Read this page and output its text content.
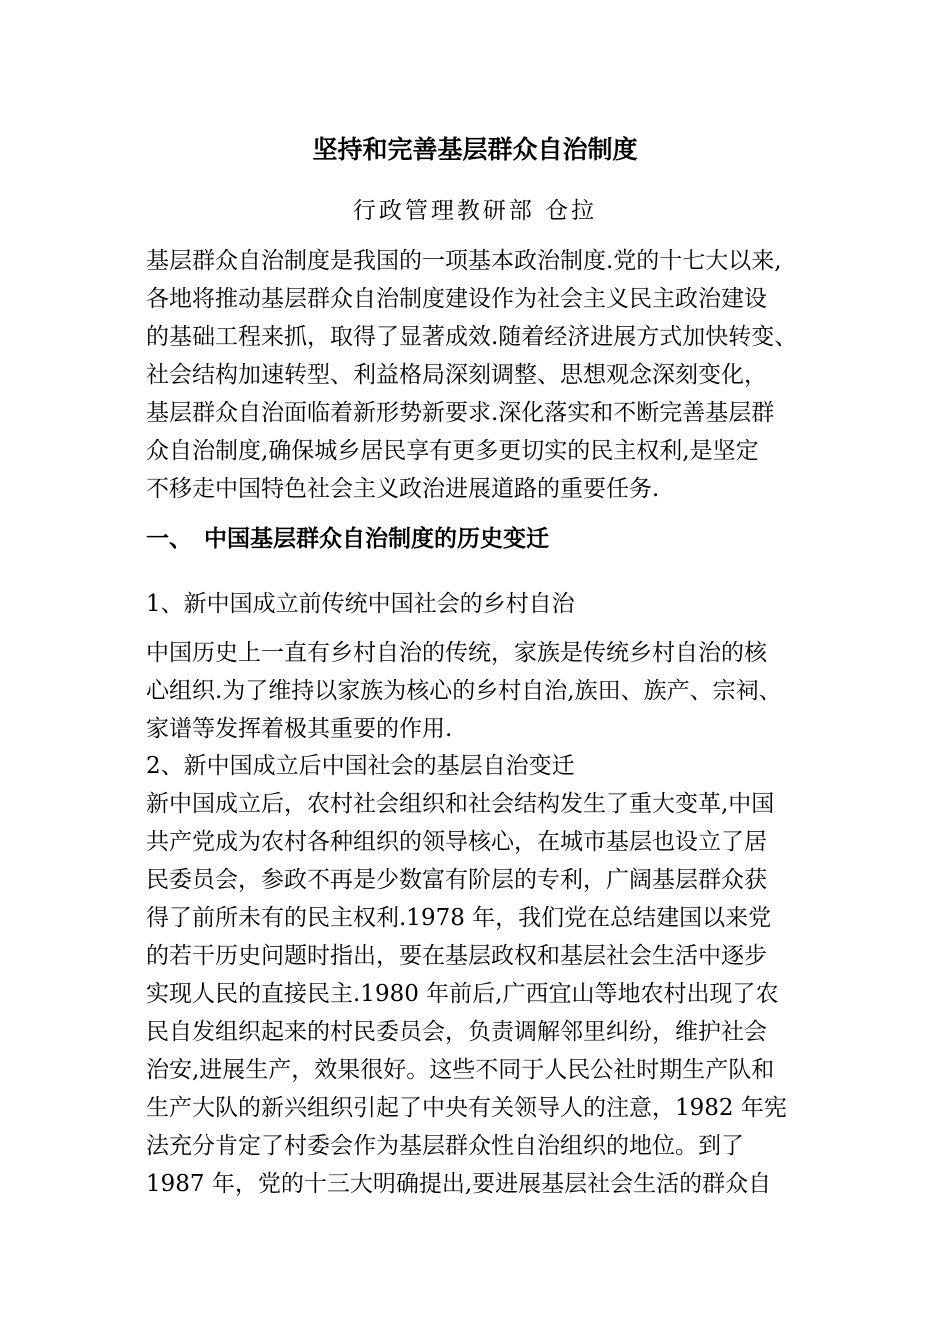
坚持和完善基层群众自治制度
行政管理教研部 仓拉
基层群众自治制度是我国的一项基本政治制度.党的十七大以来,
各地将推动基层群众自治制度建设作为社会主义民主政治建设
的基础工程来抓，取得了显著成效.随着经济进展方式加快转变、
社会结构加速转型、利益格局深刻调整、思想观念深刻变化，
基层群众自治面临着新形势新要求.深化落实和不断完善基层群
众自治制度,确保城乡居民享有更多更切实的民主权利,是坚定
不移走中国特色社会主义政治进展道路的重要任务.
一、 中国基层群众自治制度的历史变迁
1、新中国成立前传统中国社会的乡村自治
中国历史上一直有乡村自治的传统，家族是传统乡村自治的核
心组织.为了维持以家族为核心的乡村自治,族田、族产、宗祠、
家谱等发挥着极其重要的作用.
2、新中国成立后中国社会的基层自治变迁
新中国成立后，农村社会组织和社会结构发生了重大变革,中国
共产党成为农村各种组织的领导核心，在城市基层也设立了居
民委员会，参政不再是少数富有阶层的专利，广阔基层群众获
得了前所未有的民主权利.1978 年，我们党在总结建国以来党
的若干历史问题时指出，要在基层政权和基层社会生活中逐步
实现人民的直接民主.1980 年前后,广西宜山等地农村出现了农
民自发组织起来的村民委员会，负责调解邻里纠纷，维护社会
治安,进展生产，效果很好。这些不同于人民公社时期生产队和
生产大队的新兴组织引起了中央有关领导人的注意，1982 年宪
法充分肯定了村委会作为基层群众性自治组织的地位。到了
1987 年，党的十三大明确提出,要进展基层社会生活的群众自
